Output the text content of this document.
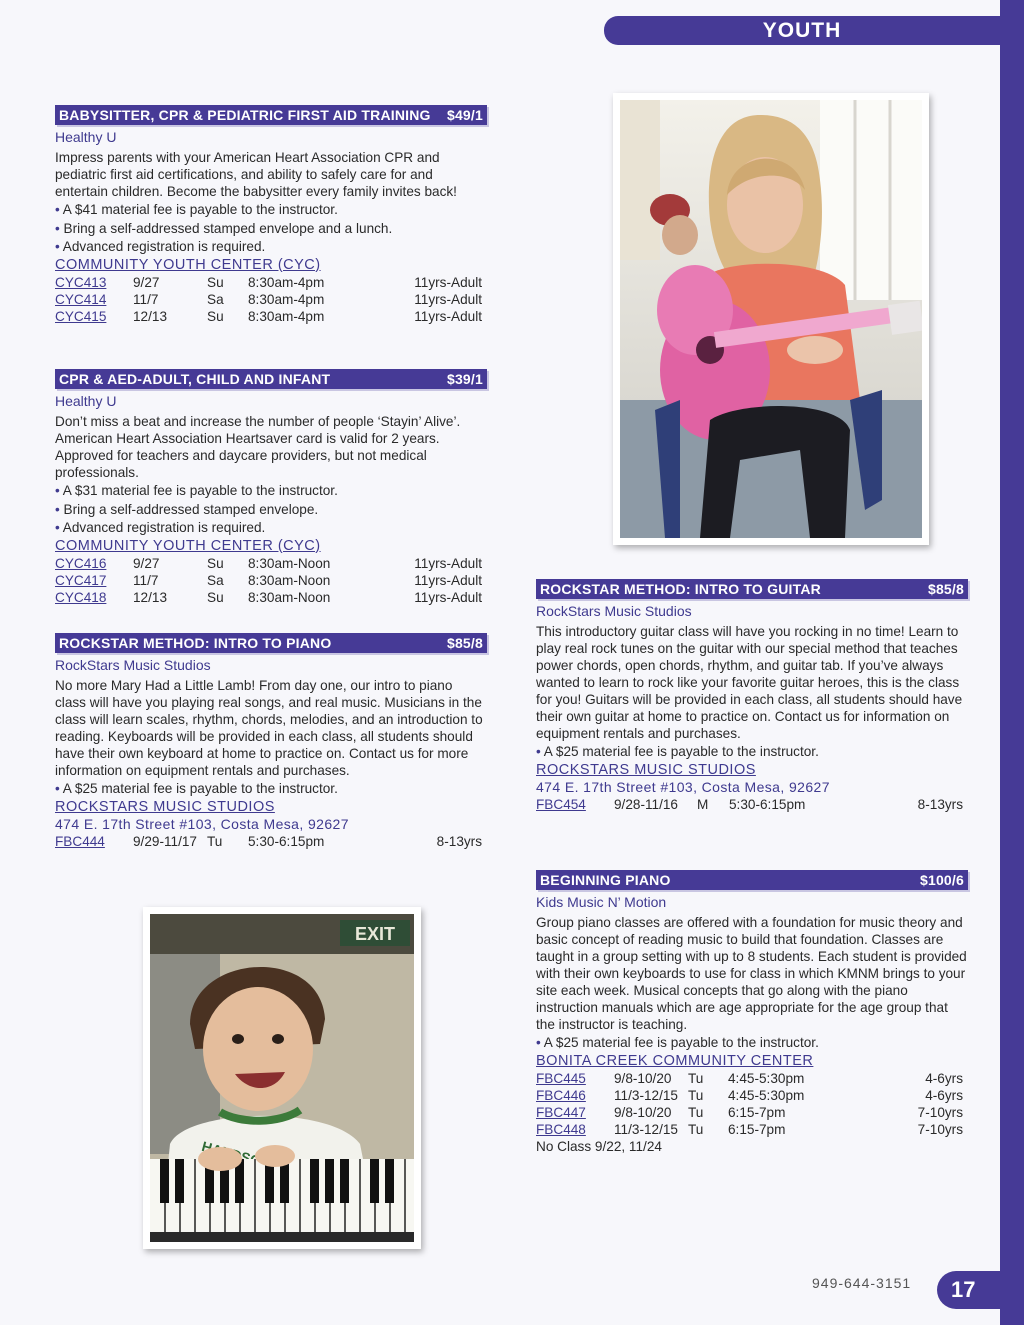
YOUTH
BABYSITTER, CPR & PEDIATRIC FIRST AID TRAINING $49/1
Healthy U
Impress parents with your American Heart Association CPR and pediatric first aid certifications, and ability to safely care for and entertain children. Become the babysitter every family invites back!
• A $41 material fee is payable to the instructor.
• Bring a self-addressed stamped envelope and a lunch.
• Advanced registration is required.
COMMUNITY YOUTH CENTER (CYC)
CYC413 9/27	Su 8:30am-4pm	11yrs-Adult
CYC414 11/7	Sa 8:30am-4pm	11yrs-Adult
CYC415 12/13	Su 8:30am-4pm	11yrs-Adult
CPR & AED-ADULT, CHILD AND INFANT	$39/1
Healthy U
Don’t miss a beat and increase the number of people ‘Stayin’ Alive’. American Heart Association Heartsaver card is valid for 2 years. Approved for teachers and daycare providers, but not medical professionals.
• A $31 material fee is payable to the instructor.
• Bring a self-addressed stamped envelope.
• Advanced registration is required.
COMMUNITY YOUTH CENTER (CYC)
CYC416 9/27	Su 8:30am-Noon	11yrs-Adult
CYC417 11/7	Sa 8:30am-Noon	11yrs-Adult
CYC418 12/13	Su 8:30am-Noon	11yrs-Adult
ROCKSTAR METHOD: INTRO TO PIANO	$85/8
RockStars Music Studios
No more Mary Had a Little Lamb! From day one, our intro to piano class will have you playing real songs, and real music. Musicians in the class will learn scales, rhythm, chords, melodies, and an introduction to reading. Keyboards will be provided in each class, all students should have their own keyboard at home to practice on. Contact us for more information on equipment rentals and purchases.
• A $25 material fee is payable to the instructor.
ROCKSTARS MUSIC STUDIOS
474 E. 17th Street #103, Costa Mesa, 92627
FBC444 9/29-11/17 Tu 5:30-6:15pm	8-13yrs
ROCKSTAR METHOD: INTRO TO GUITAR	$85/8
RockStars Music Studios
This introductory guitar class will have you rocking in no time! Learn to play real rock tunes on the guitar with our special method that teaches power chords, open chords, rhythm, and guitar tab. If you’ve always wanted to learn to rock like your favorite guitar heroes, this is the class for you! Guitars will be provided in each class, all students should have their own guitar at home to practice on. Contact us for information on equipment rentals and purchases.
• A $25 material fee is payable to the instructor.
ROCKSTARS MUSIC STUDIOS
474 E. 17th Street #103, Costa Mesa, 92627
FBC454 9/28-11/16 M 5:30-6:15pm	8-13yrs
BEGINNING PIANO	$100/6
Kids Music N’ Motion
Group piano classes are offered with a foundation for music theory and basic concept of reading music to build that foundation. Classes are taught in a group setting with up to 8 students. Each student is provided with their own keyboards to use for class in which KMNM brings to your site each week. Musical concepts that go along with the piano instruction manuals which are age appropriate for the age group that the instructor is teaching.
• A $25 material fee is payable to the instructor.
BONITA CREEK COMMUNITY CENTER
FBC445 9/8-10/20 Tu 4:45-5:30pm	4-6yrs
FBC446 11/3-12/15 Tu 4:45-5:30pm	4-6yrs
FBC447 9/8-10/20 Tu 6:15-7pm	7-10yrs
FBC448 11/3-12/15 Tu 6:15-7pm	7-10yrs
No Class 9/22, 11/24
EXIT
HANDSOME
949-644-3151	17
